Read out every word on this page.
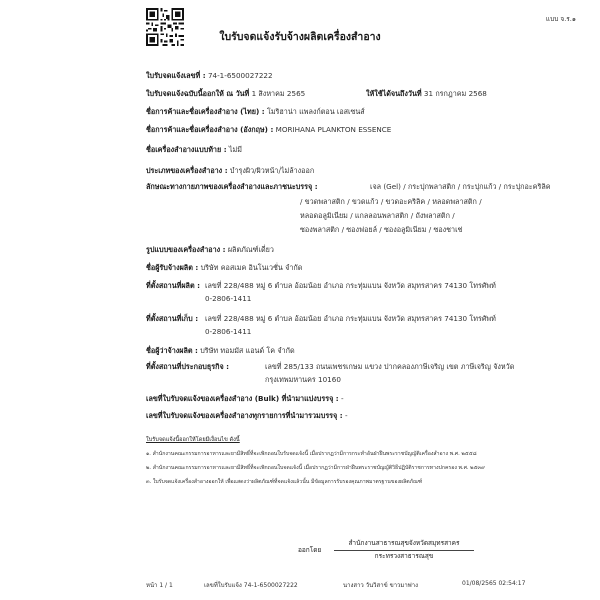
แบบ จ.ร.๑
ใบรับจดแจ้งรับจ้างผลิตเครื่องสำอาง
ใบรับจดแจ้งเลขที่ : 74-1-6500027222
ใบรับจดแจ้งฉบับนี้ออกให้ ณ วันที่ 1 สิงหาคม 2565	ให้ใช้ได้จนถึงวันที่ 31 กรกฎาคม 2568
ชื่อการค้าและชื่อเครื่องสำอาง (ไทย) : โมริฮาน่า แพลงก์ตอน เอสเซนส์
ชื่อการค้าและชื่อเครื่องสำอาง (อังกฤษ) : MORIHANA PLANKTON ESSENCE
ชื่อเครื่องสำอางแบบท้าย : ไม่มี
ประเภทของเครื่องสำอาง : บำรุงผิว/ผิวหน้า/ไม่ล้างออก
ลักษณะทางกายภาพของเครื่องสำอางและภาชนะบรรจุ :	เจล (Gel) / กระปุกพลาสติก / กระปุกแก้ว / กระปุกอะคริลิค
/ ขวดพลาสติก / ขวดแก้ว / ขวดอะคริลิค / หลอดพลาสติก /
หลอดอลูมิเนียม / แกลลอนพลาสติก / ถังพลาสติก /
ซองพลาสติก / ซองฟอยล์ / ซองอลูมิเนียม / ซองชาเช่
รูปแบบของเครื่องสำอาง : ผลิตภัณฑ์เดี่ยว
ชื่อผู้รับจ้างผลิต : บริษัท คอสเมค อินโนเวชั่น จำกัด
ที่ตั้งสถานที่ผลิต : เลขที่ 228/488 หมู่ 6 ตำบล อ้อมน้อย อำเภอ กระทุ่มแบน จังหวัด สมุทรสาคร 74130 โทรศัพท์
0-2806-1411
ที่ตั้งสถานที่เก็บ : เลขที่ 228/488 หมู่ 6 ตำบล อ้อมน้อย อำเภอ กระทุ่มแบน จังหวัด สมุทรสาคร 74130 โทรศัพท์
0-2806-1411
ชื่อผู้ว่าจ้างผลิต : บริษัท ทอมมัส แอนด์ โค จำกัด
ที่ตั้งสถานที่ประกอบธุรกิจ :	เลขที่ 285/133 ถนนเพชรเกษม แขวง ปากคลองภาษีเจริญ เขต ภาษีเจริญ จังหวัด
กรุงเทพมหานคร 10160
เลขที่ใบรับจดแจ้งของเครื่องสำอาง (Bulk) ที่นำมาแบ่งบรรจุ : -
เลขที่ใบรับจดแจ้งของเครื่องสำอางทุกรายการที่นำมารวมบรรจุ : -
ใบรับจดแจ้งนี้ออกให้โดยมีเงื่อนไข ดังนี้
๑. สำนักงานคณะกรรมการอาหารและยามีสิทธิ์ที่จะเพิกถอนใบรับจดแจ้งนี้ เมื่อปรากฏว่ามีการกระทำอันฝ่าฝืนพระราชบัญญัติเครื่องสำอาง พ.ศ. ๒๕๕๘
๒. สำนักงานคณะกรรมการอาหารและยามีสิทธิ์ที่จะเพิกถอนใบจดแจ้งนี้ เมื่อปรากฏว่ามีการฝ่าฝืนพระราชบัญญัติวิธีปฏิบัติราชการทางปกครอง พ.ศ. ๒๕๓๙
๓. ใบรับจดแจ้งเครื่องสำอางออกให้ เพื่อแสดงว่าผลิตภัณฑ์ที่จดแจ้งแล้วนั้น มีข้อมูลการรับรองคุณภาพมาตรฐานของผลิตภัณฑ์
ออกโดย
สำนักงานสาธารณสุขจังหวัดสมุทรสาคร
กระทรวงสาธารณสุข
หน้า 1 / 1	เลขที่ใบรับแจ้ง 74-1-6500027222	นางสาว วันวิสาข์ ขาวมาพ่าง	01/08/2565 02:54:17
